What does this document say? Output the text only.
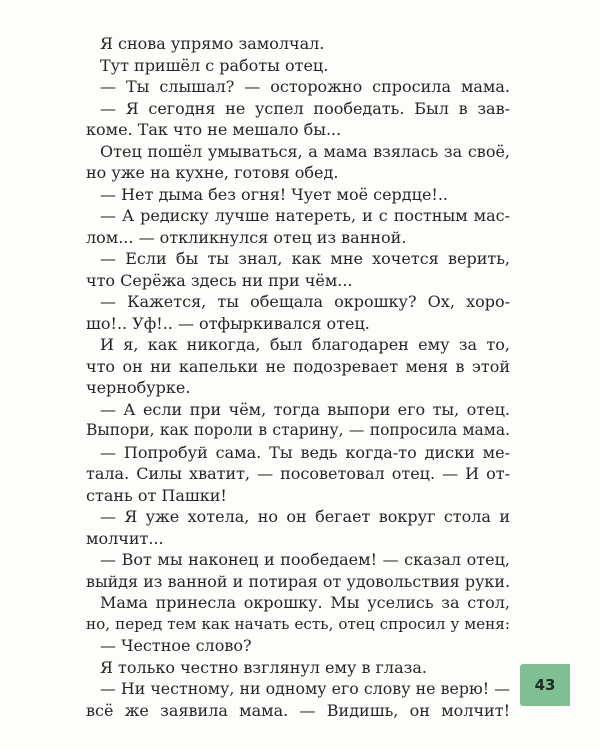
Я снова упрямо замолчал.
Тут пришёл с работы отец.
— Ты слышал? — осторожно спросила мама.
— Я сегодня не успел пообедать. Был в зав-
коме. Так что не мешало бы...
Отец пошёл умываться, а мама взялась за своё,
но уже на кухне, готовя обед.
— Нет дыма без огня! Чует моё сердце!..
— А редиску лучше натереть, и с постным мас-
лом... — откликнулся отец из ванной.
— Если бы ты знал, как мне хочется верить,
что Серёжа здесь ни при чём...
— Кажется, ты обещала окрошку? Ох, хоро-
шо!.. Уф!.. — отфыркивался отец.
И я, как никогда, был благодарен ему за то,
что он ни капельки не подозревает меня в этой
чернобурке.
— А если при чём, тогда выпори его ты, отец.
Выпори, как пороли в старину, — попросила мама.
— Попробуй сама. Ты ведь когда-то диски ме-
тала. Силы хватит, — посоветовал отец. — И от-
стань от Пашки!
— Я уже хотела, но он бегает вокруг стола и
молчит...
— Вот мы наконец и пообедаем! — сказал отец,
выйдя из ванной и потирая от удовольствия руки.
Мама принесла окрошку. Мы уселись за стол,
но, перед тем как начать есть, отец спросил у меня:
— Честное слово?
Я только честно взглянул ему в глаза.
— Ни честному, ни одному его слову не верю! —
всё же заявила мама. — Видишь, он молчит!
43
